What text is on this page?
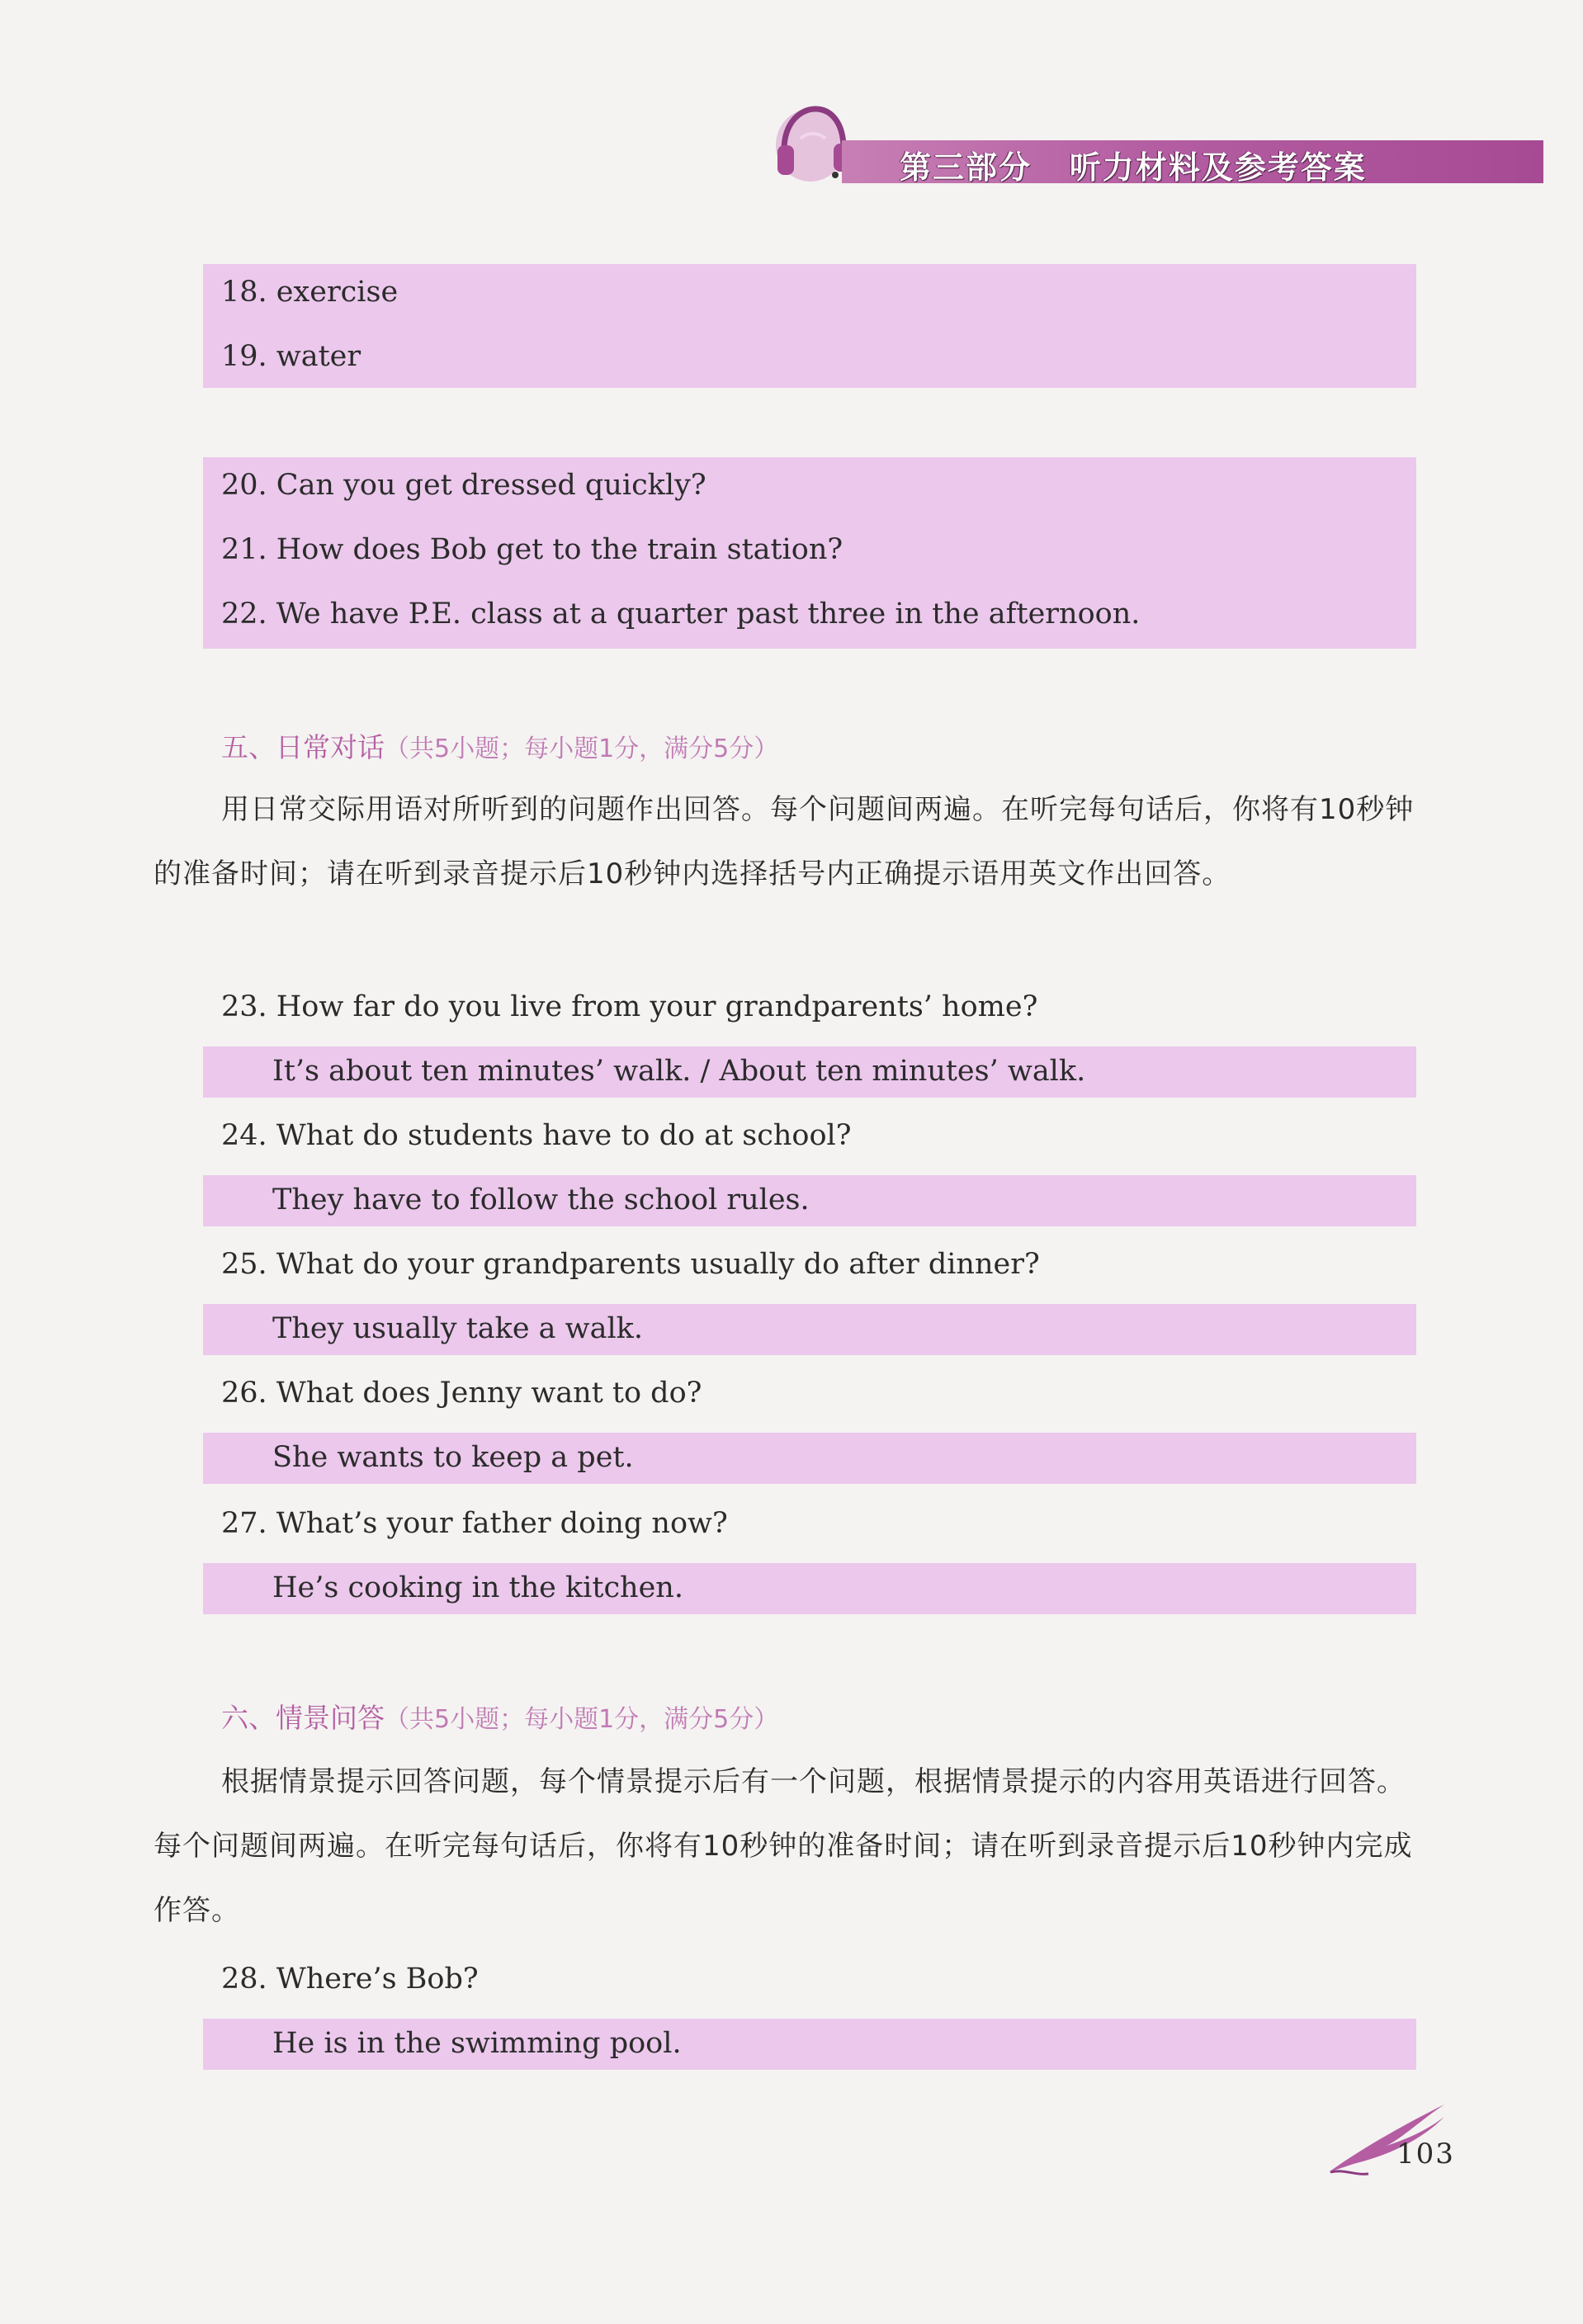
第三部分 听力材料及参考答案
18. exercise
19. water
20. Can you get dressed quickly?
21. How does Bob get to the train station?
22. We have P.E. class at a quarter past three in the afternoon.
五、日常对话（共5小题；每小题1分，满分5分）
用日常交际用语对所听到的问题作出回答。每个问题间两遍。在听完每句话后，你将有10秒钟的准备时间；请在听到录音提示后10秒钟内选择括号内正确提示语用英文作出回答。
23. How far do you live from your grandparents’ home?
It’s about ten minutes’ walk. / About ten minutes’ walk.
24. What do students have to do at school?
They have to follow the school rules.
25. What do your grandparents usually do after dinner?
They usually take a walk.
26. What does Jenny want to do?
She wants to keep a pet.
27. What’s your father doing now?
He’s cooking in the kitchen.
六、情景问答（共5小题；每小题1分，满分5分）
根据情景提示回答问题，每个情景提示后有一个问题，根据情景提示的内容用英语进行回答。每个问题间两遍。在听完每句话后，你将有10秒钟的准备时间；请在听到录音提示后10秒钟内完成作答。
28. Where’s Bob?
He is in the swimming pool.
103
